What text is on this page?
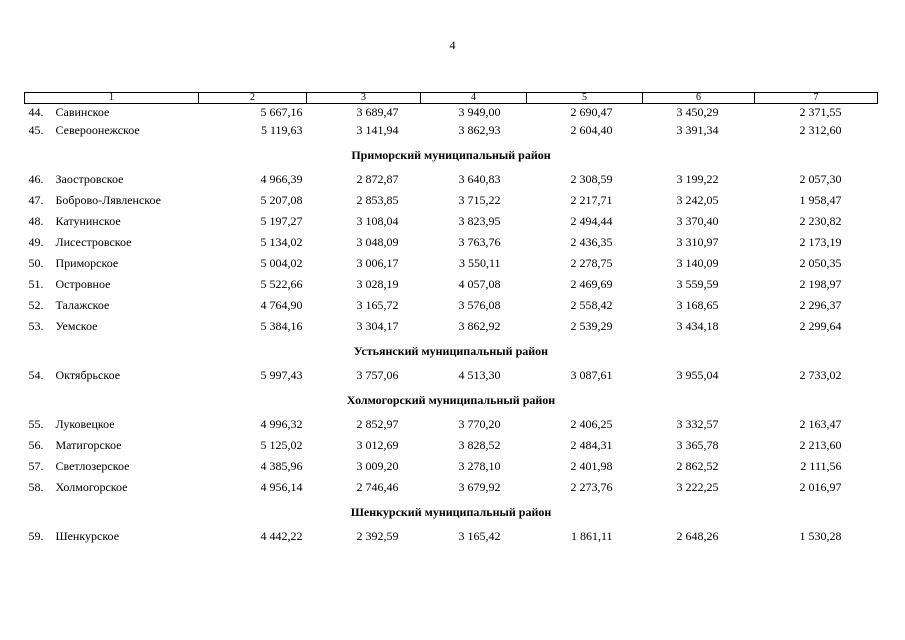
4
1	2	3	4	5	6	7
44. Савинское	5 667,16	3 689,47	3 949,00	2 690,47	3 450,29	2 371,55
45. Североонежское	5 119,63	3 141,94	3 862,93	2 604,40	3 391,34	2 312,60
Приморский муниципальный район						
46. Заостровское	4 966,39	2 872,87	3 640,83	2 308,59	3 199,22	2 057,30
47. Боброво-Лявленское	5 207,08	2 853,85	3 715,22	2 217,71	3 242,05	1 958,47
48. Катунинское	5 197,27	3 108,04	3 823,95	2 494,44	3 370,40	2 230,82
49. Лисестровское	5 134,02	3 048,09	3 763,76	2 436,35	3 310,97	2 173,19
50. Приморское	5 004,02	3 006,17	3 550,11	2 278,75	3 140,09	2 050,35
51. Островное	5 522,66	3 028,19	4 057,08	2 469,69	3 559,59	2 198,97
52. Талажское	4 764,90	3 165,72	3 576,08	2 558,42	3 168,65	2 296,37
53. Уемское	5 384,16	3 304,17	3 862,92	2 539,29	3 434,18	2 299,64
Устьянский муниципальный район						
54. Октябрьское	5 997,43	3 757,06	4 513,30	3 087,61	3 955,04	2 733,02
Холмогорский муниципальный район						
55. Луковецкое	4 996,32	2 852,97	3 770,20	2 406,25	3 332,57	2 163,47
56. Матигорское	5 125,02	3 012,69	3 828,52	2 484,31	3 365,78	2 213,60
57. Светлозерское	4 385,96	3 009,20	3 278,10	2 401,98	2 862,52	2 111,56
58. Холмогорское	4 956,14	2 746,46	3 679,92	2 273,76	3 222,25	2 016,97
Шенкурский муниципальный район						
59. Шенкурское	4 442,22	2 392,59	3 165,42	1 861,11	2 648,26	1 530,28
